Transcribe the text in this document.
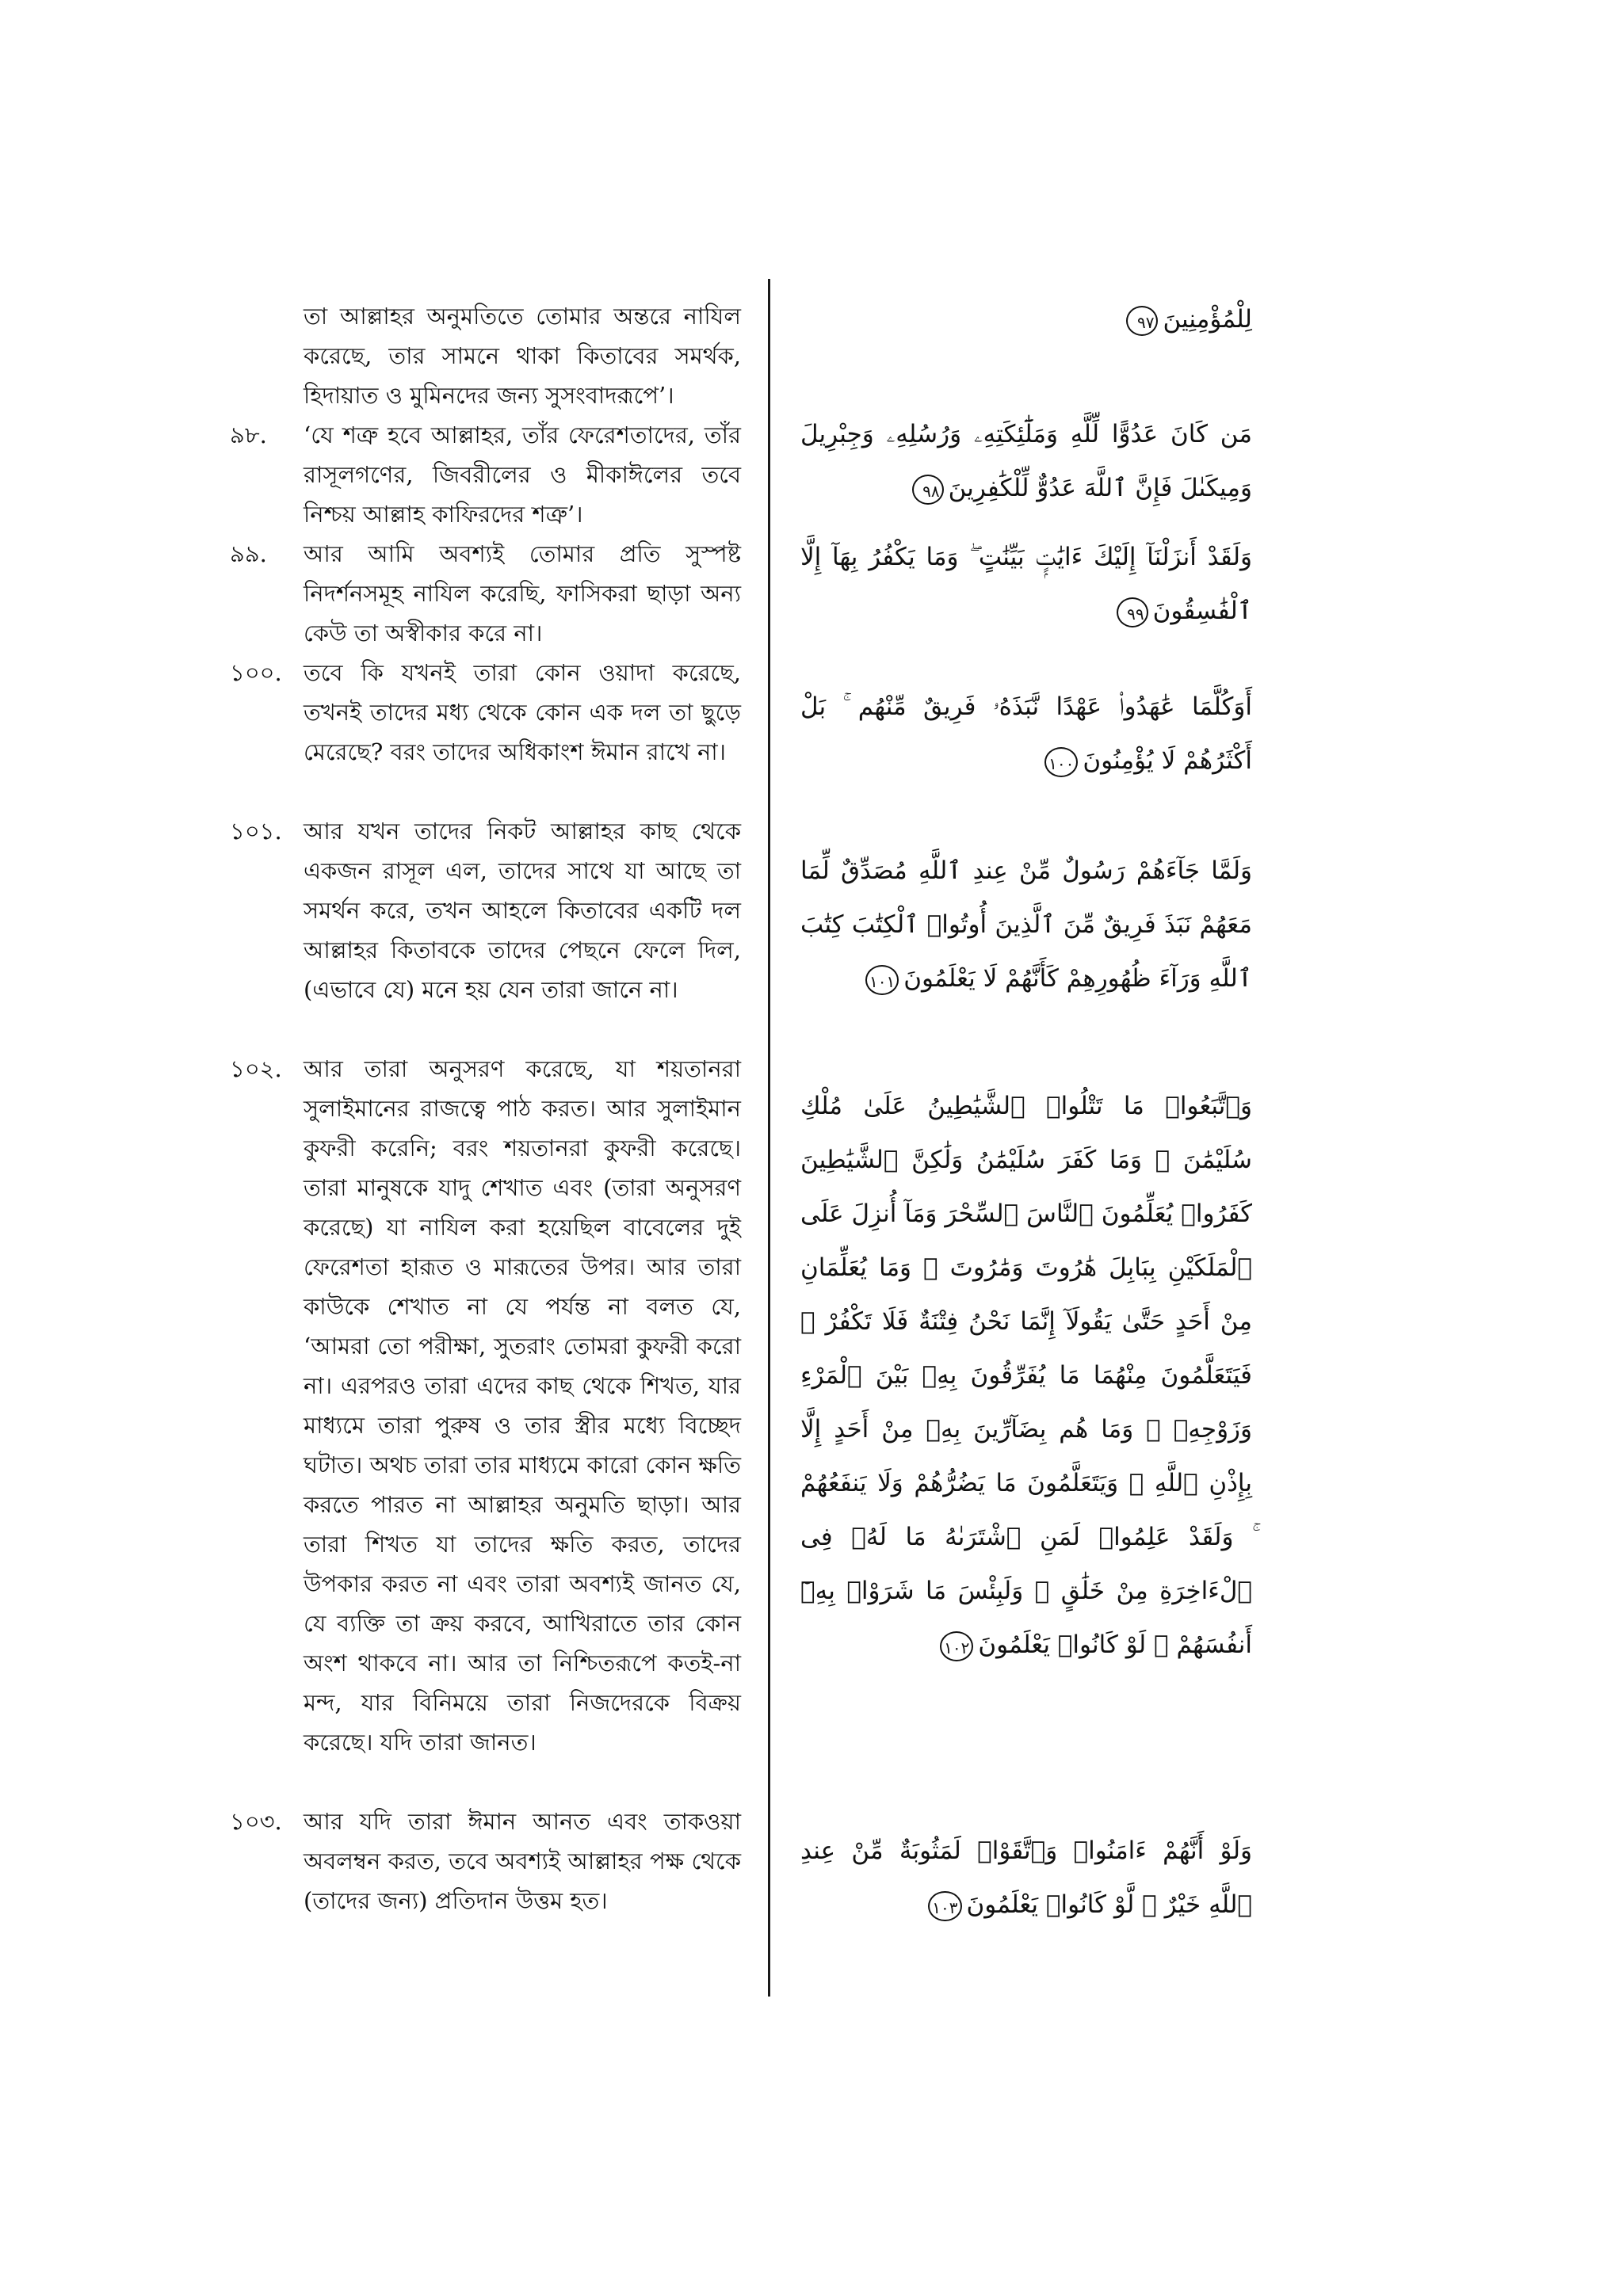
তা আল্লাহর অনুমতিতে তোমার অন্তরে নাযিল করেছে, তার সামনে থাকা কিতাবের সমর্থক, হিদায়াত ও মুমিনদের জন্য সুসংবাদরূপে’।
৯৮. ‘যে শত্রু হবে আল্লাহর, তাঁর ফেরেশতাদের, তাঁর রাসূলগণের, জিবরীলের ও মীকাঈলের তবে নিশ্চয় আল্লাহ কাফিরদের শত্রু’।
৯৯. আর আমি অবশ্যই তোমার প্রতি সুস্পষ্ট নিদর্শনসমূহ নাযিল করেছি, ফাসিকরা ছাড়া অন্য কেউ তা অস্বীকার করে না।
১০০. তবে কি যখনই তারা কোন ওয়াদা করেছে, তখনই তাদের মধ্য থেকে কোন এক দল তা ছুড়ে মেরেছে? বরং তাদের অধিকাংশ ঈমান রাখে না।
১০১. আর যখন তাদের নিকট আল্লাহর কাছ থেকে একজন রাসূল এল, তাদের সাথে যা আছে তা সমর্থন করে, তখন আহলে কিতাবের একটি দল আল্লাহর কিতাবকে তাদের পেছনে ফেলে দিল, (এভাবে যে) মনে হয় যেন তারা জানে না।
১০২. আর তারা অনুসরণ করেছে, যা শয়তানরা সুলাইমানের রাজত্বে পাঠ করত। আর সুলাইমান কুফরী করেনি; বরং শয়তানরা কুফরী করেছে। তারা মানুষকে যাদু শেখাত এবং (তারা অনুসরণ করেছে) যা নাযিল করা হয়েছিল বাবেলের দুই ফেরেশতা হারূত ও মারূতের উপর। আর তারা কাউকে শেখাত না যে পর্যন্ত না বলত যে, ‘আমরা তো পরীক্ষা, সুতরাং তোমরা কুফরী করো না। এরপরও তারা এদের কাছ থেকে শিখত, যার মাধ্যমে তারা পুরুষ ও তার স্ত্রীর মধ্যে বিচ্ছেদ ঘটাত। অথচ তারা তার মাধ্যমে কারো কোন ক্ষতি করতে পারত না আল্লাহর অনুমতি ছাড়া। আর তারা শিখত যা তাদের ক্ষতি করত, তাদের উপকার করত না এবং তারা অবশ্যই জানত যে, যে ব্যক্তি তা ক্রয় করবে, আখিরাতে তার কোন অংশ থাকবে না। আর তা নিশ্চিতরূপে কতই-না মন্দ, যার বিনিময়ে তারা নিজদেরকে বিক্রয় করেছে। যদি তারা জানত।
১০৩. আর যদি তারা ঈমান আনত এবং তাকওয়া অবলম্বন করত, তবে অবশ্যই আল্লাহর পক্ষ থেকে (তাদের জন্য) প্রতিদান উত্তম হত।
لِلْمُؤْمِنِينَ٩٧
مَن كَانَ عَدُوًّا لِّلَّهِ وَمَلَٰٓئِكَتِهِۦ وَرُسُلِهِۦ وَجِبْرِيلَ وَمِيكَىٰلَ فَإِنَّ ٱللَّهَ عَدُوٌّ لِّلْكَٰفِرِينَ٩٨
وَلَقَدْ أَنزَلْنَآ إِلَيْكَ ءَايَٰتٍۭ بَيِّنَٰتٍ ۖ وَمَا يَكْفُرُ بِهَآ إِلَّا ٱلْفَٰسِقُونَ٩٩
أَوَكُلَّمَا عَٰهَدُوا۟ عَهْدًا نَّبَذَهُۥ فَرِيقٌ مِّنْهُم ۚ بَلْ أَكْثَرُهُمْ لَا يُؤْمِنُونَ١٠٠
وَلَمَّا جَآءَهُمْ رَسُولٌ مِّنْ عِندِ ٱللَّهِ مُصَدِّقٌ لِّمَا مَعَهُمْ نَبَذَ فَرِيقٌ مِّنَ ٱلَّذِينَ أُوتُوا۟ ٱلْكِتَٰبَ كِتَٰبَ ٱللَّهِ وَرَآءَ ظُهُورِهِمْ كَأَنَّهُمْ لَا يَعْلَمُونَ١٠١
وَٱتَّبَعُوا۟ مَا تَتْلُوا۟ ٱلشَّيَٰطِينُ عَلَىٰ مُلْكِ سُلَيْمَٰنَ ۖ وَمَا كَفَرَ سُلَيْمَٰنُ وَلَٰكِنَّ ٱلشَّيَٰطِينَ كَفَرُوا۟ يُعَلِّمُونَ ٱلنَّاسَ ٱلسِّحْرَ وَمَآ أُنزِلَ عَلَى ٱلْمَلَكَيْنِ بِبَابِلَ هَٰرُوتَ وَمَٰرُوتَ ۚ وَمَا يُعَلِّمَانِ مِنْ أَحَدٍ حَتَّىٰ يَقُولَآ إِنَّمَا نَحْنُ فِتْنَةٌ فَلَا تَكْفُرْ ۖ فَيَتَعَلَّمُونَ مِنْهُمَا مَا يُفَرِّقُونَ بِهِۦ بَيْنَ ٱلْمَرْءِ وَزَوْجِهِۦ ۚ وَمَا هُم بِضَآرِّينَ بِهِۦ مِنْ أَحَدٍ إِلَّا بِإِذْنِ ٱللَّهِ ۚ وَيَتَعَلَّمُونَ مَا يَضُرُّهُمْ وَلَا يَنفَعُهُمْ ۚ وَلَقَدْ عَلِمُوا۟ لَمَنِ ٱشْتَرَىٰهُ مَا لَهُۥ فِى ٱلْءَاخِرَةِ مِنْ خَلَٰقٍ ۚ وَلَبِئْسَ مَا شَرَوْا۟ بِهِۦٓ أَنفُسَهُمْ ۚ لَوْ كَانُوا۟ يَعْلَمُونَ١٠٢
وَلَوْ أَنَّهُمْ ءَامَنُوا۟ وَٱتَّقَوْا۟ لَمَثُوبَةٌ مِّنْ عِندِ ٱللَّهِ خَيْرٌ ۖ لَّوْ كَانُوا۟ يَعْلَمُونَ١٠٣
